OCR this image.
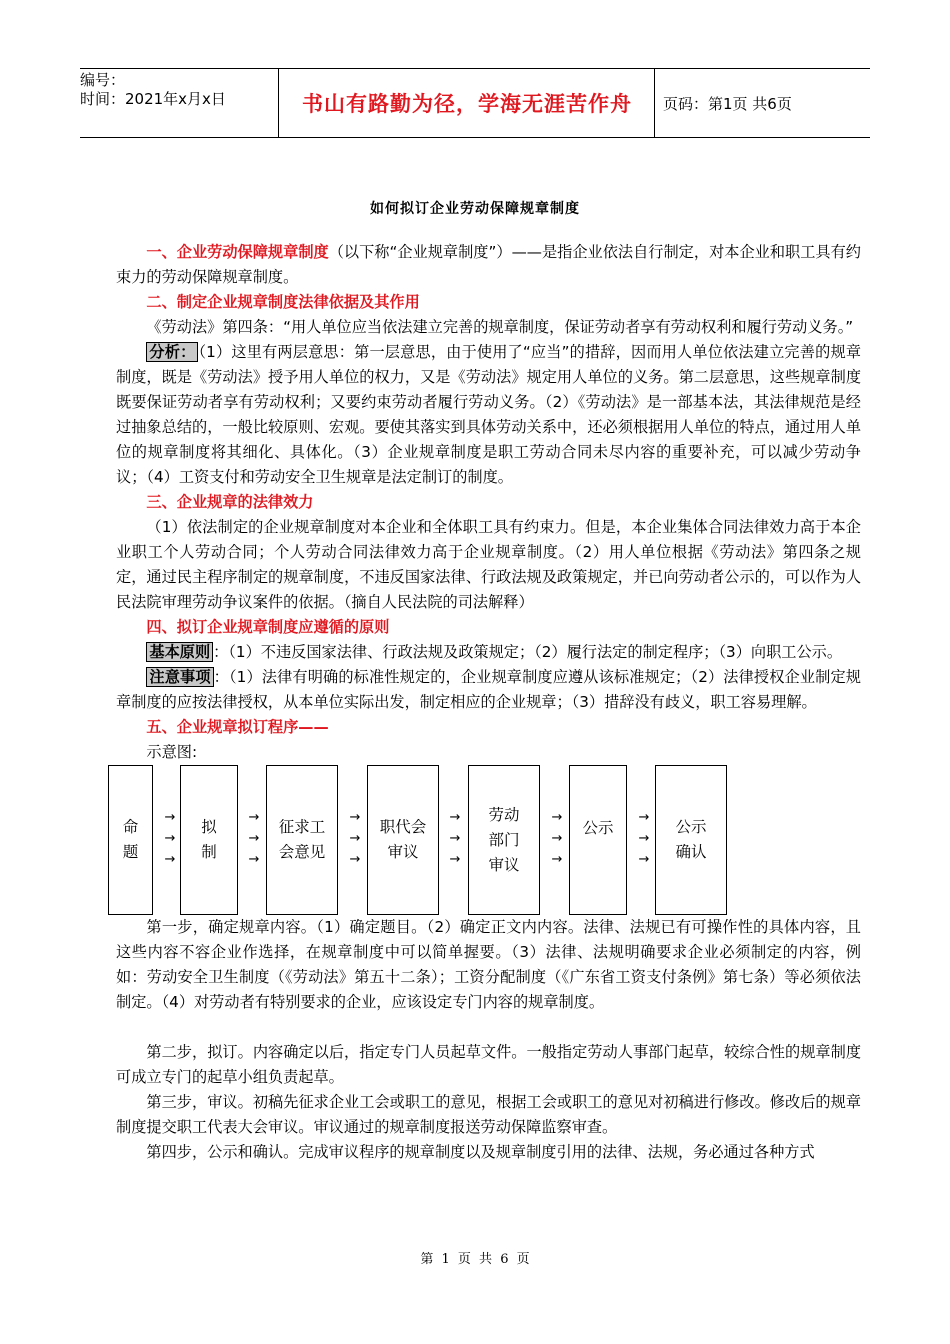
编号：
时间：2021年x月x日	书山有路勤为径，学海无涯苦作舟	页码：第1页 共6页
如何拟订企业劳动保障规章制度

一、企业劳动保障规章制度（以下称“企业规章制度”）——是指企业依法自行制定，对本企业和职工具有约束力的劳动保障规章制度。

二、制定企业规章制度法律依据及其作用

《劳动法》第四条：“用人单位应当依法建立完善的规章制度，保证劳动者享有劳动权利和履行劳动义务。”

分析： （1）这里有两层意思：第一层意思，由于使用了“应当”的措辞，因而用人单位依法建立完善的规章制度，既是《劳动法》授予用人单位的权力，又是《劳动法》规定用人单位的义务。第二层意思，这些规章制度既要保证劳动者享有劳动权利；又要约束劳动者履行劳动义务。（2）《劳动法》是一部基本法，其法律规范是经过抽象总结的，一般比较原则、宏观。要使其落实到具体劳动关系中，还必须根据用人单位的特点，通过用人单位的规章制度将其细化、具体化。（3）企业规章制度是职工劳动合同未尽内容的重要补充，可以减少劳动争议；（4）工资支付和劳动安全卫生规章是法定制订的制度。

三、企业规章的法律效力

（1）依法制定的企业规章制度对本企业和全体职工具有约束力。但是，本企业集体合同法律效力高于本企业职工个人劳动合同；个人劳动合同法律效力高于企业规章制度。（2）用人单位根据《劳动法》第四条之规定，通过民主程序制定的规章制度，不违反国家法律、行政法规及政策规定，并已向劳动者公示的，可以作为人民法院审理劳动争议案件的依据。（摘自人民法院的司法解释）

四、拟订企业规章制度应遵循的原则

基本原则 ：（1）不违反国家法律、行政法规及政策规定；（2）履行法定的制定程序；（3）向职工公示。

注意事项 ：（1）法律有明确的标准性规定的，企业规章制度应遵从该标准规定；（2）法律授权企业制定规章制度的应按法律授权，从本单位实际出发，制定相应的企业规章；（3）措辞没有歧义，职工容易理解。

五、企业规章拟订程序——

示意图:

命
题
→
→
→
拟
制
→
→
→
征求工
会意见
→
→
→
职代会
审议
→
→
→
劳动
部门
审议
→
→
→
公示
→
→
→
公示
确认

第一步，确定规章内容。（1）确定题目。（2）确定正文内内容。法律、法规已有可操作性的具体内容，且这些内容不容企业作选择，在规章制度中可以简单握要。（3）法律、法规明确要求企业必须制定的内容，例如：劳动安全卫生制度（《劳动法》第五十二条）；工资分配制度（《广东省工资支付条例》第七条）等必须依法制定。（4）对劳动者有特别要求的企业，应该设定专门内容的规章制度。

第二步，拟订。内容确定以后，指定专门人员起草文件。一般指定劳动人事部门起草，较综合性的规章制度可成立专门的起草小组负责起草。

第三步，审议。初稿先征求企业工会或职工的意见，根据工会或职工的意见对初稿进行修改。修改后的规章制度提交职工代表大会审议。审议通过的规章制度报送劳动保障监察审查。

第四步，公示和确认。完成审议程序的规章制度以及规章制度引用的法律、法规，务必通过各种方式

第 1 页 共 6 页
